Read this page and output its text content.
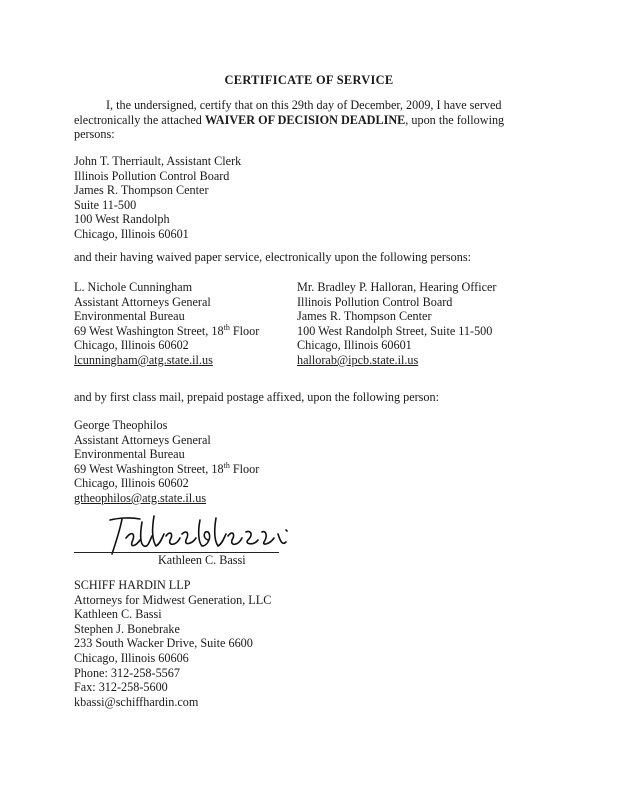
CERTIFICATE OF SERVICE
I, the undersigned, certify that on this 29th day of December, 2009, I have served electronically the attached WAIVER OF DECISION DEADLINE, upon the following persons:
John T. Therriault, Assistant Clerk
Illinois Pollution Control Board
James R. Thompson Center
Suite 11-500
100 West Randolph
Chicago, Illinois 60601
and their having waived paper service, electronically upon the following persons:
L. Nichole Cunningham
Assistant Attorneys General
Environmental Bureau
69 West Washington Street, 18th Floor
Chicago, Illinois 60602
lcunningham@atg.state.il.us
Mr. Bradley P. Halloran, Hearing Officer
Illinois Pollution Control Board
James R. Thompson Center
100 West Randolph Street, Suite 11-500
Chicago, Illinois 60601
hallorab@ipcb.state.il.us
and by first class mail, prepaid postage affixed, upon the following person:
George Theophilos
Assistant Attorneys General
Environmental Bureau
69 West Washington Street, 18th Floor
Chicago, Illinois 60602
gtheophilos@atg.state.il.us
Kathleen C. Bassi
SCHIFF HARDIN LLP
Attorneys for Midwest Generation, LLC
Kathleen C. Bassi
Stephen J. Bonebrake
233 South Wacker Drive, Suite 6600
Chicago, Illinois 60606
Phone: 312-258-5567
Fax: 312-258-5600
kbassi@schiffhardin.com
